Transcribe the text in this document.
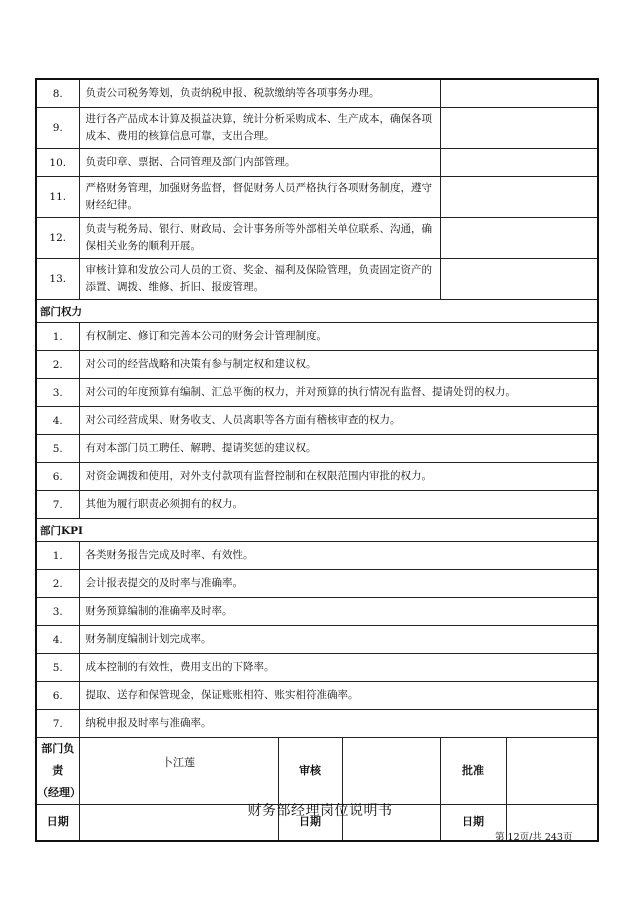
8.	负责公司税务筹划，负责纳税申报、税款缴纳等各项事务办理。				
9.	进行各产品成本计算及损益决算，统计分析采购成本、生产成本，确保各项成本、费用的核算信息可靠，支出合理。				
10.	负责印章、票据、合同管理及部门内部管理。				
11.	严格财务管理，加强财务监督，督促财务人员严格执行各项财务制度，遵守财经纪律。				
12.	负责与税务局、银行、财政局、会计事务所等外部相关单位联系、沟通，确保相关业务的顺利开展。				
13.	审核计算和发放公司人员的工资、奖金、福利及保险管理，负责固定资产的添置、调拨、维修、折旧、报废管理。				
部门权力					
1.	有权制定、修订和完善本公司的财务会计管理制度。				
2.	对公司的经营战略和决策有参与制定权和建议权。				
3.	对公司的年度预算有编制、汇总平衡的权力，并对预算的执行情况有监督、提请处罚的权力。				
4.	对公司经营成果、财务收支、人员离职等各方面有稽核审查的权力。				
5.	有对本部门员工聘任、解聘、提请奖惩的建议权。				
6.	对资金调拨和使用，对外支付款项有监督控制和在权限范围内审批的权力。				
7.	其他为履行职责必须拥有的权力。				
部门KPI					
1.	各类财务报告完成及时率、有效性。				
2.	会计报表提交的及时率与准确率。				
3.	财务预算编制的准确率及时率。				
4.	财务制度编制计划完成率。				
5.	成本控制的有效性，费用支出的下降率。				
6.	提取、送存和保管现金，保证账账相符、账实相符准确率。				
7.	纳税申报及时率与准确率。				

部门负责
（经理）	卜江莲	审核		批准	
日期		日期		日期	
财务部经理岗位说明书
第 12页/共 243页
